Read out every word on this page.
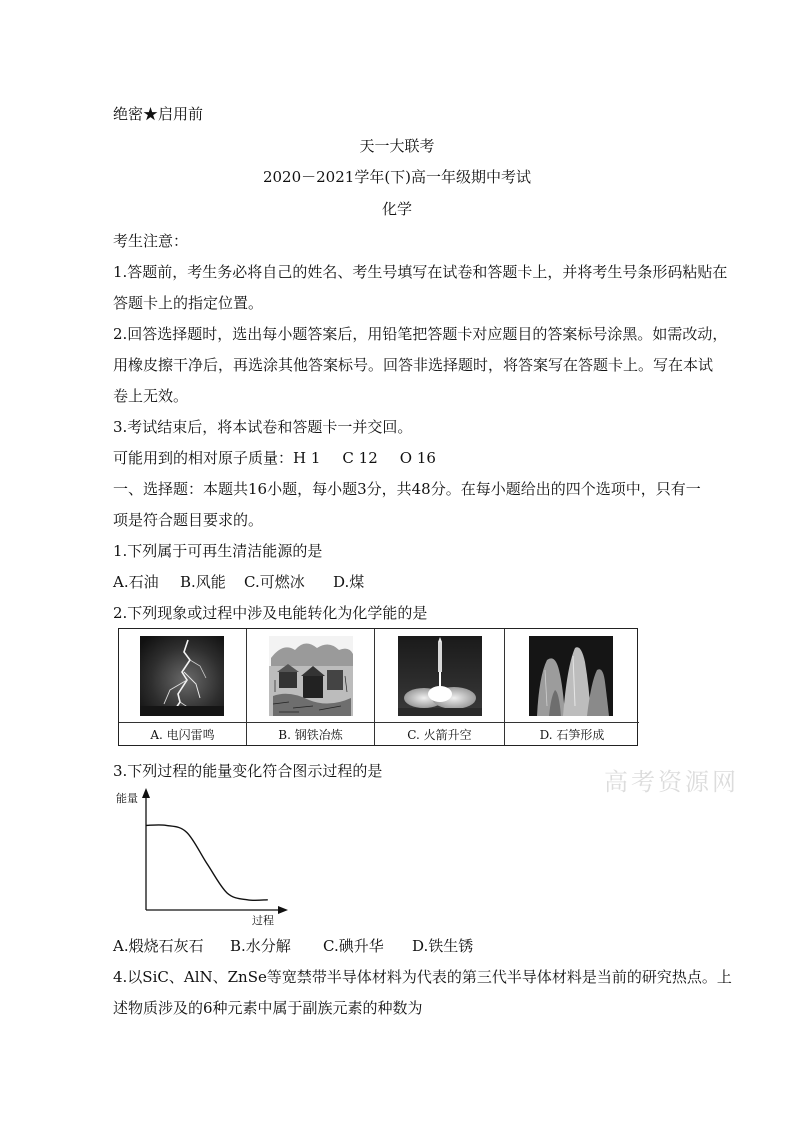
绝密★启用前
天一大联考
2020－2021学年(下)高一年级期中考试
化学
考生注意：
1.答题前，考生务必将自己的姓名、考生号填写在试卷和答题卡上，并将考生号条形码粘贴在
答题卡上的指定位置。
2.回答选择题时，选出每小题答案后，用铅笔把答题卡对应题目的答案标号涂黑。如需改动，
用橡皮擦干净后，再选涂其他答案标号。回答非选择题时，将答案写在答题卡上。写在本试
卷上无效。
3.考试结束后，将本试卷和答题卡一并交回。
可能用到的相对原子质量：H 1 C 12 O 16
一、选择题：本题共16小题，每小题3分，共48分。在每小题给出的四个选项中，只有一
项是符合题目要求的。
1.下列属于可再生清洁能源的是
A.石油 B.风能 C.可燃冰 D.煤
2.下列现象或过程中涉及电能转化为化学能的是
A. 电闪雷鸣	B. 钢铁冶炼	C. 火箭升空	D. 石笋形成
高考资源网
3.下列过程的能量变化符合图示过程的是
能量
过程
A.煅烧石灰石 B.水分解 C.碘升华 D.铁生锈
4.以SiC、AlN、ZnSe等宽禁带半导体材料为代表的第三代半导体材料是当前的研究热点。上
述物质涉及的6种元素中属于副族元素的种数为
